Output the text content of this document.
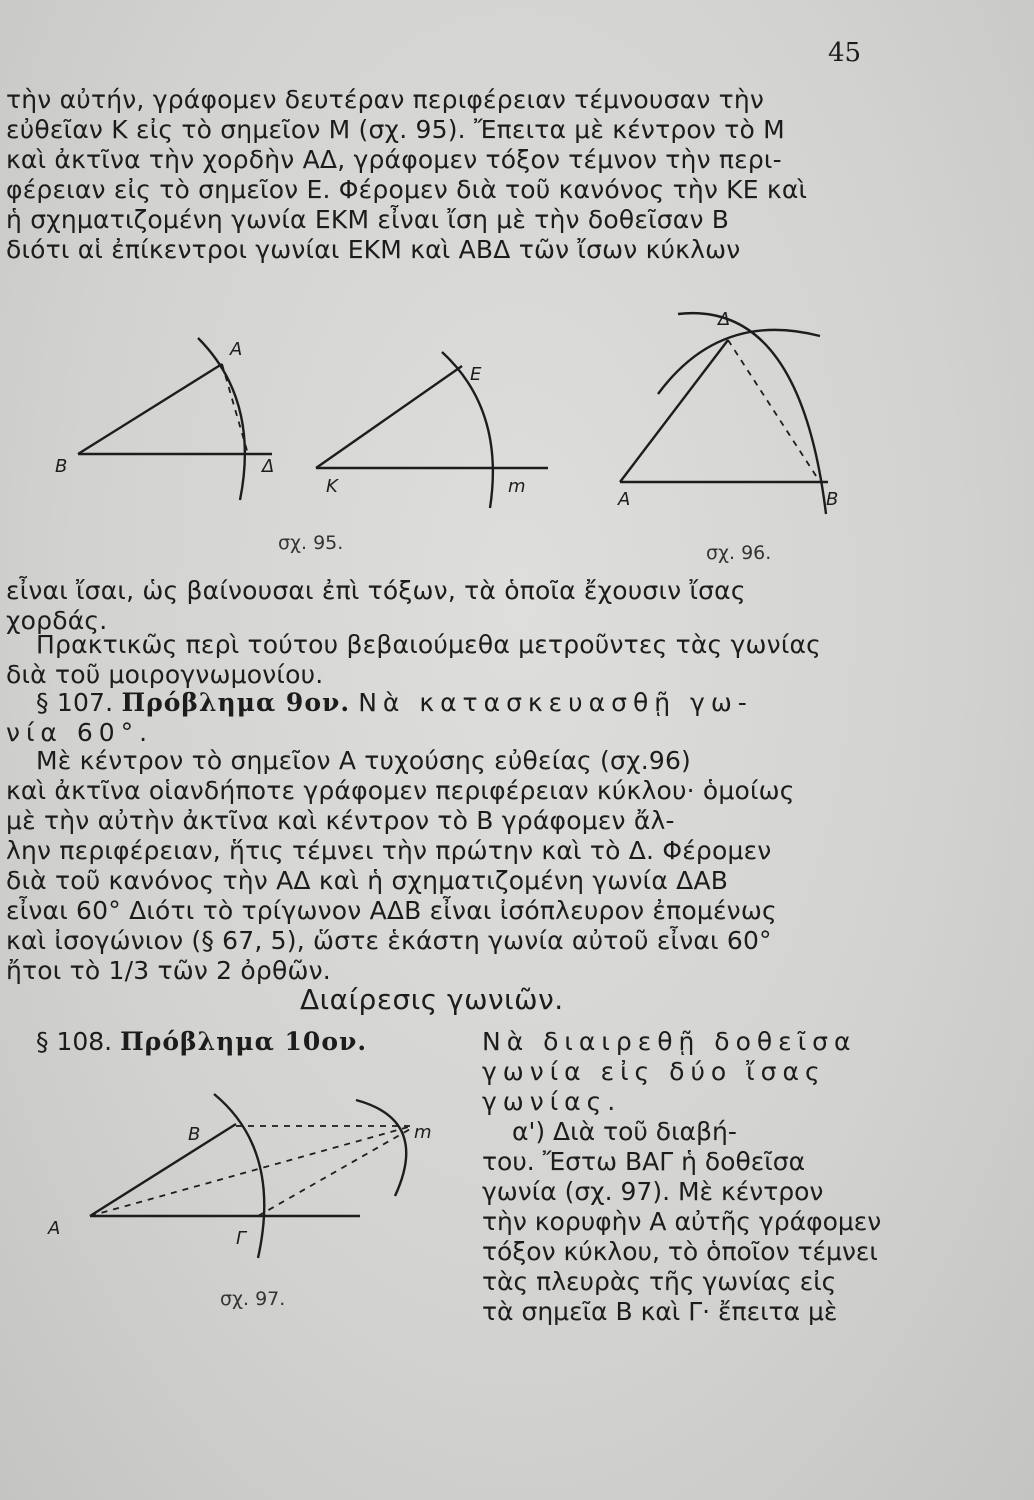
45
τὴν αὐτήν, γράφομεν δευτέραν περιφέρειαν τέμνουσαν τὴν
εὐθεῖαν Κ εἰς τὸ σημεῖον Μ (σχ. 95). Ἔπειτα μὲ κέντρον τὸ Μ
καὶ ἀκτῖνα τὴν χορδὴν ΑΔ, γράφομεν τόξον τέμνον τὴν περι-
φέρειαν εἰς τὸ σημεῖον Ε. Φέρομεν διὰ τοῦ κανόνος τὴν ΚΕ καὶ
ἡ σχηματιζομένη γωνία ΕΚΜ εἶναι ἴση μὲ τὴν δοθεῖσαν Β
διότι αἱ ἐπίκεντροι γωνίαι ΕΚΜ καὶ ΑΒΔ τῶν ἴσων κύκλων
A
B	Δ
E
K	m
Δ
A	B
B
A	Γ
m
σχ. 95.	σχ. 96.
σχ. 97.
εἶναι ἴσαι, ὡς βαίνουσαι ἐπὶ τόξων, τὰ ὁποῖα ἔχουσιν ἴσας
χορδάς.
Πρακτικῶς περὶ τούτου βεβαιούμεθα μετροῦντες τὰς γωνίας
διὰ τοῦ μοιρογνωμονίου.
§ 107. Πρόβλημα 9ον. Νὰ κατασκευασθῇ γω-
νία 60°.
Μὲ κέντρον τὸ σημεῖον Α τυχούσης εὐθείας (σχ.96)
καὶ ἀκτῖνα οἱανδήποτε γράφομεν περιφέρειαν κύκλου· ὁμοίως
μὲ τὴν αὐτὴν ἀκτῖνα καὶ κέντρον τὸ Β γράφομεν ἄλ-
λην περιφέρειαν, ἥτις τέμνει τὴν πρώτην καὶ τὸ Δ. Φέρομεν
διὰ τοῦ κανόνος τὴν ΑΔ καὶ ἡ σχηματιζομένη γωνία ΔΑΒ
εἶναι 60° Διότι τὸ τρίγωνον ΑΔΒ εἶναι ἰσόπλευρον ἐπομένως
καὶ ἰσογώνιον (§ 67, 5), ὥστε ἑκάστη γωνία αὐτοῦ εἶναι 60°
ἤτοι τὸ 1/3 τῶν 2 ὀρθῶν.
Διαίρεσις γωνιῶν.
§ 108. Πρόβλημα 10ον.	Νὰ διαιρεθῇ δοθεῖσα
γωνία εἰς δύο ἴσας
γωνίας.
α') Διὰ τοῦ διαβή-
του. Ἔστω ΒΑΓ ἡ δοθεῖσα
γωνία (σχ. 97). Μὲ κέντρον
τὴν κορυφὴν Α αὐτῆς γράφομεν
τόξον κύκλου, τὸ ὁποῖον τέμνει
τὰς πλευρὰς τῆς γωνίας εἰς
τὰ σημεῖα Β καὶ Γ· ἔπειτα μὲ
